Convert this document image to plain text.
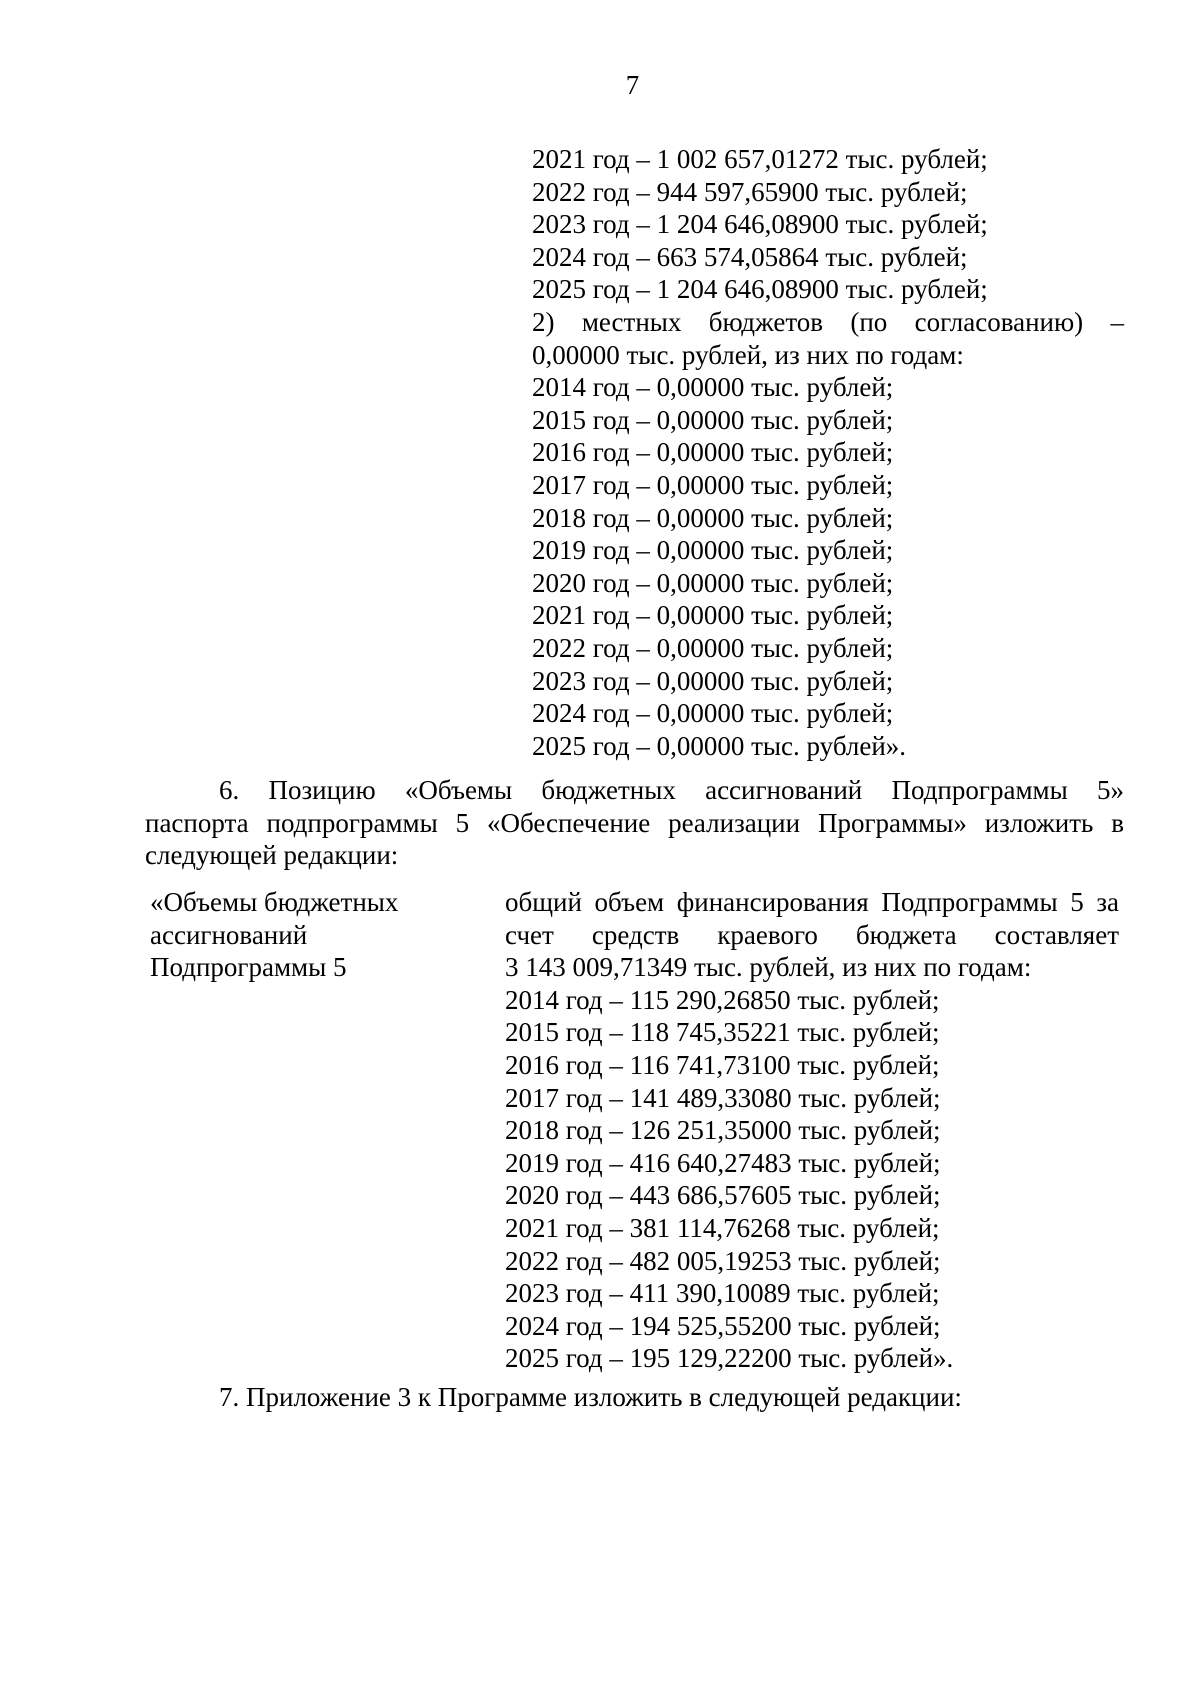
7
2021 год – 1 002 657,01272 тыс. рублей;
2022 год – 944 597,65900 тыс. рублей;
2023 год – 1 204 646,08900 тыс. рублей;
2024 год – 663 574,05864 тыс. рублей;
2025 год – 1 204 646,08900 тыс. рублей;
2) местных бюджетов (по согласованию) –
0,00000 тыс. рублей, из них по годам:
2014 год – 0,00000 тыс. рублей;
2015 год – 0,00000 тыс. рублей;
2016 год – 0,00000 тыс. рублей;
2017 год – 0,00000 тыс. рублей;
2018 год – 0,00000 тыс. рублей;
2019 год – 0,00000 тыс. рублей;
2020 год – 0,00000 тыс. рублей;
2021 год – 0,00000 тыс. рублей;
2022 год – 0,00000 тыс. рублей;
2023 год – 0,00000 тыс. рублей;
2024 год – 0,00000 тыс. рублей;
2025 год – 0,00000 тыс. рублей».
6. Позицию «Объемы бюджетных ассигнований Подпрограммы 5»
паспорта подпрограммы 5 «Обеспечение реализации Программы» изложить в
следующей редакции:
«Объемы бюджетных
ассигнований
Подпрограммы 5
общий объем финансирования Подпрограммы 5 за
счет средств краевого бюджета составляет
3 143 009,71349 тыс. рублей, из них по годам:
2014 год – 115 290,26850 тыс. рублей;
2015 год – 118 745,35221 тыс. рублей;
2016 год – 116 741,73100 тыс. рублей;
2017 год – 141 489,33080 тыс. рублей;
2018 год – 126 251,35000 тыс. рублей;
2019 год – 416 640,27483 тыс. рублей;
2020 год – 443 686,57605 тыс. рублей;
2021 год – 381 114,76268 тыс. рублей;
2022 год – 482 005,19253 тыс. рублей;
2023 год – 411 390,10089 тыс. рублей;
2024 год – 194 525,55200 тыс. рублей;
2025 год – 195 129,22200 тыс. рублей».
7. Приложение 3 к Программе изложить в следующей редакции:
